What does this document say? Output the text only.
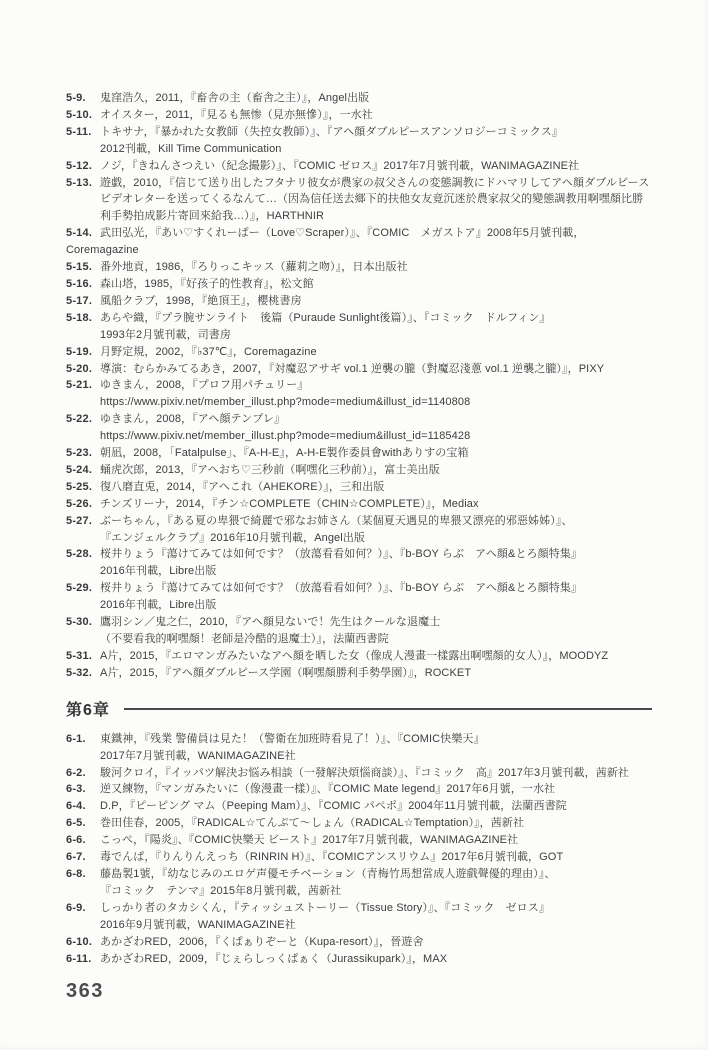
5-9.	鬼窪浩久，2011，『畜舎の主（畜舎之主）』，Angel出版
5-10. オイスター，2011，『見るも無惨（見亦無慘）』，一水社
5-11. トキサナ，『暴かれた女教師（失控女教師）』、『アヘ顔ダブルピースアンソロジーコミックス』
2012刊載，Kill Time Communication
5-12. ノジ，『きねんさつえい（紀念撮影）』、『COMIC ゼロス』2017年7月號刊載，WANIMAGAZINE社
5-13. 遊戯，2010，『信じて送り出したフタナリ彼女が農家の叔父さんの変態調教にドハマリしてアヘ顔ダブルピース
ビデオレターを送ってくるなんて…（因為信任送去鄉下的扶他女友竟沉迷於農家叔父的變態調教用啊嘿顏比勝
利手勢拍成影片寄回來給我…）』，HARTHNIR
5-14. 武田弘光，『あい♡すくれーぱー（Love♡Scraper）』、『COMIC　メガストア』2008年5月號刊載，
Coremagazine
5-15. 番外地貢，1986，『ろりっこキッス（蘿莉之吻）』，日本出版社
5-16. 森山塔，1985，『好孩子的性教育』，松文館
5-17. 風船クラブ，1998，『絶頂王』，櫻桃書房
5-18. あらや織，『プラ腕サンライト　後篇（Puraude Sunlight後篇）』、『コミック　ドルフィン』
1993年2月號刊載，司書房
5-19. 月野定規，2002，『♭37℃』，Coremagazine
5-20. 導演：むらかみてるあき，2007，『対魔忍アサギ vol.1 逆襲の朧（對魔忍淺蔥 vol.1 逆襲之朧）』，PIXY
5-21. ゆきまん，2008，『プロフ用パチュリー』
https://www.pixiv.net/member_illust.php?mode=medium&illust_id=1140808
5-22. ゆきまん，2008，『アヘ顔テンプレ』
https://www.pixiv.net/member_illust.php?mode=medium&illust_id=1185428
5-23. 朝凪，2008，「Fatalpulse」、『A-H-E』，A-H-E製作委員會withありすの宝箱
5-24. 蛹虎次郎，2013，『アヘおち♡三秒前（啊嘿化三秒前）』，富士美出版
5-25. 復八磨直兎，2014，『アヘこれ（AHEKORE）』，三和出版
5-26. チンズリーナ，2014，『チン☆COMPLETE（CHIN☆COMPLETE）』，Mediax
5-27. ぶーちゃん，『ある夏の卑猥で綺麗で邪なお姉さん（某個夏天遇見的卑猥又漂亮的邪惡姊姊）』、
『エンジェルクラブ』2016年10月號刊載，Angel出版
5-28. 桜井りょう『蕩けてみては如何です？（放蕩看看如何？）』、『b-BOY らぶ　アヘ顔&とろ顔特集』
2016年刊載，Libre出版
5-29. 桜井りょう『蕩けてみては如何です？（放蕩看看如何？）』、『b-BOY らぶ　アヘ顔&とろ顔特集』
2016年刊載，Libre出版
5-30. 鷹羽シン／鬼之仁，2010，『アヘ顔見ないで！先生はクールな退魔士
（不要看我的啊嘿顏！老師是冷酷的退魔士）』，法蘭西書院
5-31. A片，2015，『エロマンガみたいなアヘ顔を晒した女（像成人漫畫一樣露出啊嘿顏的女人）』，MOODYZ
5-32. A片，2015，『アヘ顔ダブルピース学園（啊嘿顏勝利手勢學園）』，ROCKET
第6章
6-1.	東鐵神，『残業 警備員は見た！（警衛在加班時看見了！）』、『COMIC快樂天』
2017年7月號刊載，WANIMAGAZINE社
6-2.	駿河クロイ，『イッパツ解決お悩み相談（一發解決煩惱商談）』、『コミック　高』2017年3月號刊載，茜新社
6-3.	逆又練物，『マンガみたいに（像漫畫一樣）』、『COMIC Mate legend』2017年6月號，一水社
6-4.	D.P，『ピーピング マム（Peeping Mam）』、『COMIC パペポ』2004年11月號刊載，法蘭西書院
6-5.	巻田佳春，2005，『RADICAL☆てんぷて～しょん（RADICAL☆Temptation）』，茜新社
6-6.	こっぺ，『陽炎』、『COMIC快樂天 ビースト』2017年7月號刊載，WANIMAGAZINE社
6-7.	毒でんぱ，『りんりんえっち（RINRIN H）』、『COMICアンスリウム』2017年6月號刊載，GOT
6-8.	藤島製1號，『幼なじみのエロゲ声優モチベーション（青梅竹馬想當成人遊戲聲優的理由）』、
『コミック　テンマ』2015年8月號刊載，茜新社
6-9.	しっかり者のタカシくん，『ティッシュストーリー（Tissue Story）』、『コミック　ゼロス』
2016年9月號刊載，WANIMAGAZINE社
6-10. あかざわRED，2006，『くぱぁりぞーと（Kupa-resort）』，晉遊舍
6-11. あかざわRED，2009，『じぇらしっくぱぁく（Jurassikupark）』，MAX
363
